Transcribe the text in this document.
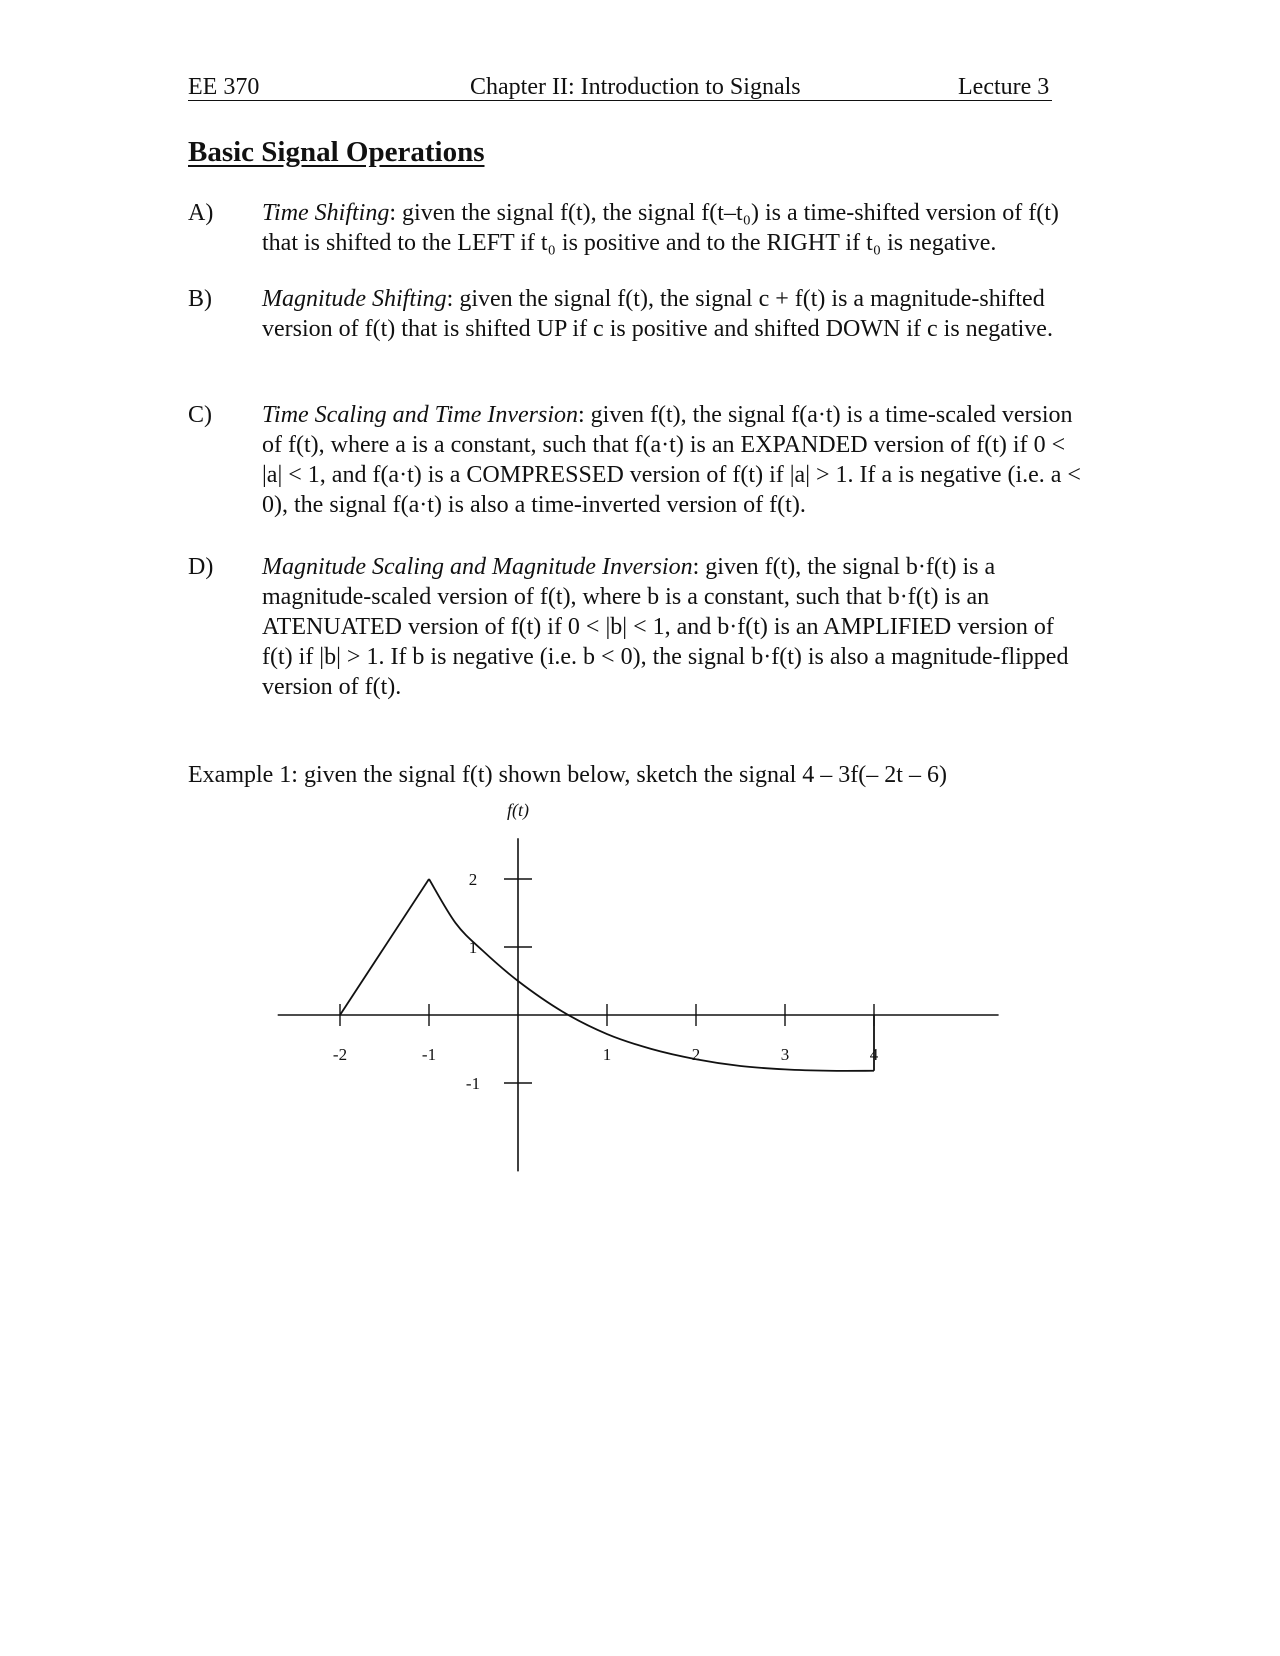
EE 370	Chapter II: Introduction to Signals	Lecture 3
Basic Signal Operations
A) Time Shifting: given the signal f(t), the signal f(t–t₀) is a time-shifted version of f(t) that is shifted to the LEFT if t₀ is positive and to the RIGHT if t₀ is negative.
B) Magnitude Shifting: given the signal f(t), the signal c + f(t) is a magnitude-shifted version of f(t) that is shifted UP if c is positive and shifted DOWN if c is negative.
C) Time Scaling and Time Inversion: given f(t), the signal f(a·t) is a time-scaled version of f(t), where a is a constant, such that f(a·t) is an EXPANDED version of f(t) if 0 < |a| < 1, and f(a·t) is a COMPRESSED version of f(t) if |a| > 1. If a is negative (i.e. a < 0), the signal f(a·t) is also a time-inverted version of f(t).
D) Magnitude Scaling and Magnitude Inversion: given f(t), the signal b·f(t) is a magnitude-scaled version of f(t), where b is a constant, such that b·f(t) is an ATENUATED version of f(t) if 0 < |b| < 1, and b·f(t) is an AMPLIFIED version of f(t) if |b| > 1. If b is negative (i.e. b < 0), the signal b·f(t) is also a magnitude-flipped version of f(t).
Example 1: given the signal f(t) shown below, sketch the signal 4 – 3f(– 2t – 6)
f(t)
-2	-1	1	2	3	4
2
1
-1
